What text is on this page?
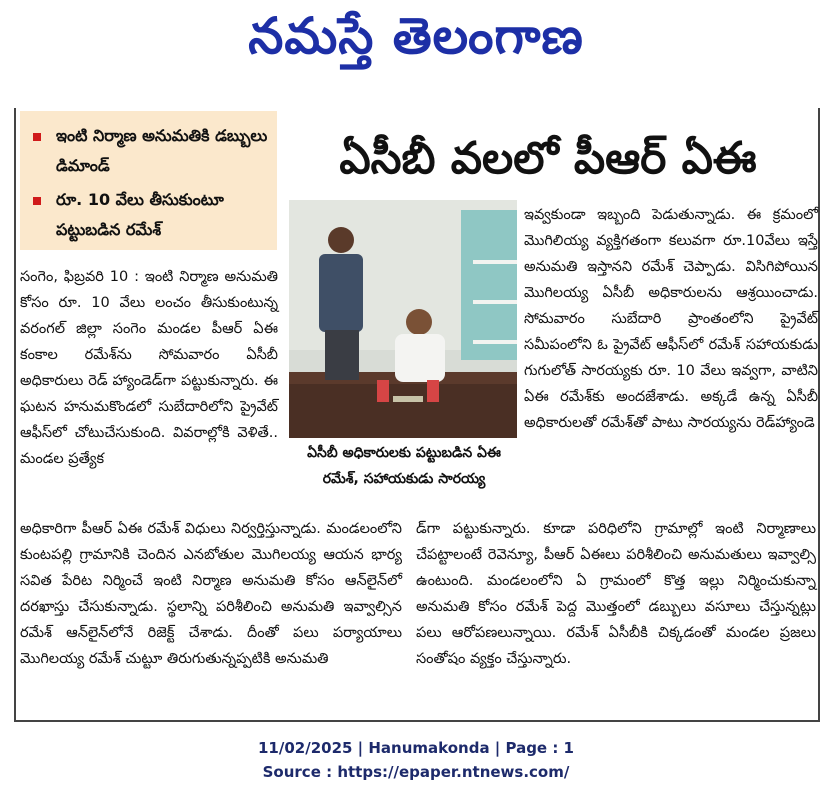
నమస్తే తెలంగాణ
ఇంటి నిర్మాణ అనుమతికి డబ్బులు డిమాండ్
రూ. 10 వేలు తీసుకుంటూ పట్టుబడిన రమేశ్
ఏసీబీ వలలో పీఆర్ ఏఈ
సంగెం, ఫిబ్రవరి 10 : ఇంటి నిర్మాణ అనుమతి కోసం రూ. 10 వేలు లంచం తీసుకుంటున్న వరంగల్ జిల్లా సంగెం మండల పీఆర్ ఏఈ కంకాల రమేశ్‌ను సోమవారం ఏసీబీ అధికారులు రెడ్ హ్యాండెడ్‌గా పట్టుకున్నారు. ఈ ఘటన హనుమకొండలో సుబేదారిలోని ప్రైవేట్ ఆఫీస్‌లో చోటుచేసుకుంది. వివరాల్లోకి వెళితే.. మండల ప్రత్యేక	ఏసీబీ అధికారులకు పట్టుబడిన ఏఈ రమేశ్, సహాయకుడు సారయ్య
ఇవ్వకుండా ఇబ్బంది పెడుతున్నాడు. ఈ క్రమంలో మొగిలియ్య వ్యక్తిగతంగా కలువగా రూ.10వేలు ఇస్తే అనుమతి ఇస్తానని రమేశ్ చెప్పాడు. విసిగిపోయిన మొగిలయ్య ఏసీబీ అధికారులను ఆశ్రయించాడు. సోమవారం సుబేదారి ప్రాంతంలోని ప్రైవేట్ సమీపంలోని ఓ ప్రైవేట్ ఆఫీస్‌లో రమేశ్ సహాయకుడు గుగులోత్ సారయ్యకు రూ. 10 వేలు ఇవ్వగా, వాటిని ఏఈ రమేశ్‌కు అందజేశాడు. అక్కడే ఉన్న ఏసీబీ అధికారులతో రమేశ్‌తో పాటు సారయ్యను రెడ్‌హ్యాండె
అధికారిగా పీఆర్ ఏఈ రమేశ్ విధులు నిర్వర్తిస్తున్నాడు. మండలంలోని కుంటపల్లి గ్రామానికి చెందిన ఎనబోతుల మొగిలయ్య ఆయన భార్య సవిత పేరిట నిర్మించే ఇంటి నిర్మాణ అనుమతి కోసం ఆన్‌లైన్‌లో దరఖాస్తు చేసుకున్నాడు. స్థలాన్ని పరిశీలించి అనుమతి ఇవ్వాల్సిన రమేశ్ ఆన్‌లైన్‌లోనే రిజెక్ట్ చేశాడు. దీంతో పలు పర్యాయాలు మొగిలయ్య రమేశ్ చుట్టూ తిరుగుతున్నప్పటికి అనుమతి
డ్‌గా పట్టుకున్నారు. కూడా పరిధిలోని గ్రామాల్లో ఇంటి నిర్మాణాలు చేపట్టాలంటే రెవెన్యూ, పీఆర్ ఏఈలు పరిశీలించి అనుమతులు ఇవ్వాల్సి ఉంటుంది. మండలంలోని ఏ గ్రామంలో కొత్త ఇల్లు నిర్మించుకున్నా అనుమతి కోసం రమేశ్ పెద్ద మొత్తంలో డబ్బులు వసూలు చేస్తున్నట్లు పలు ఆరోపణలున్నాయి. రమేశ్ ఏసీబీకి చిక్కడంతో మండల ప్రజలు సంతోషం వ్యక్తం చేస్తున్నారు.
11/02/2025 | Hanumakonda | Page : 1
Source : https://epaper.ntnews.com/
